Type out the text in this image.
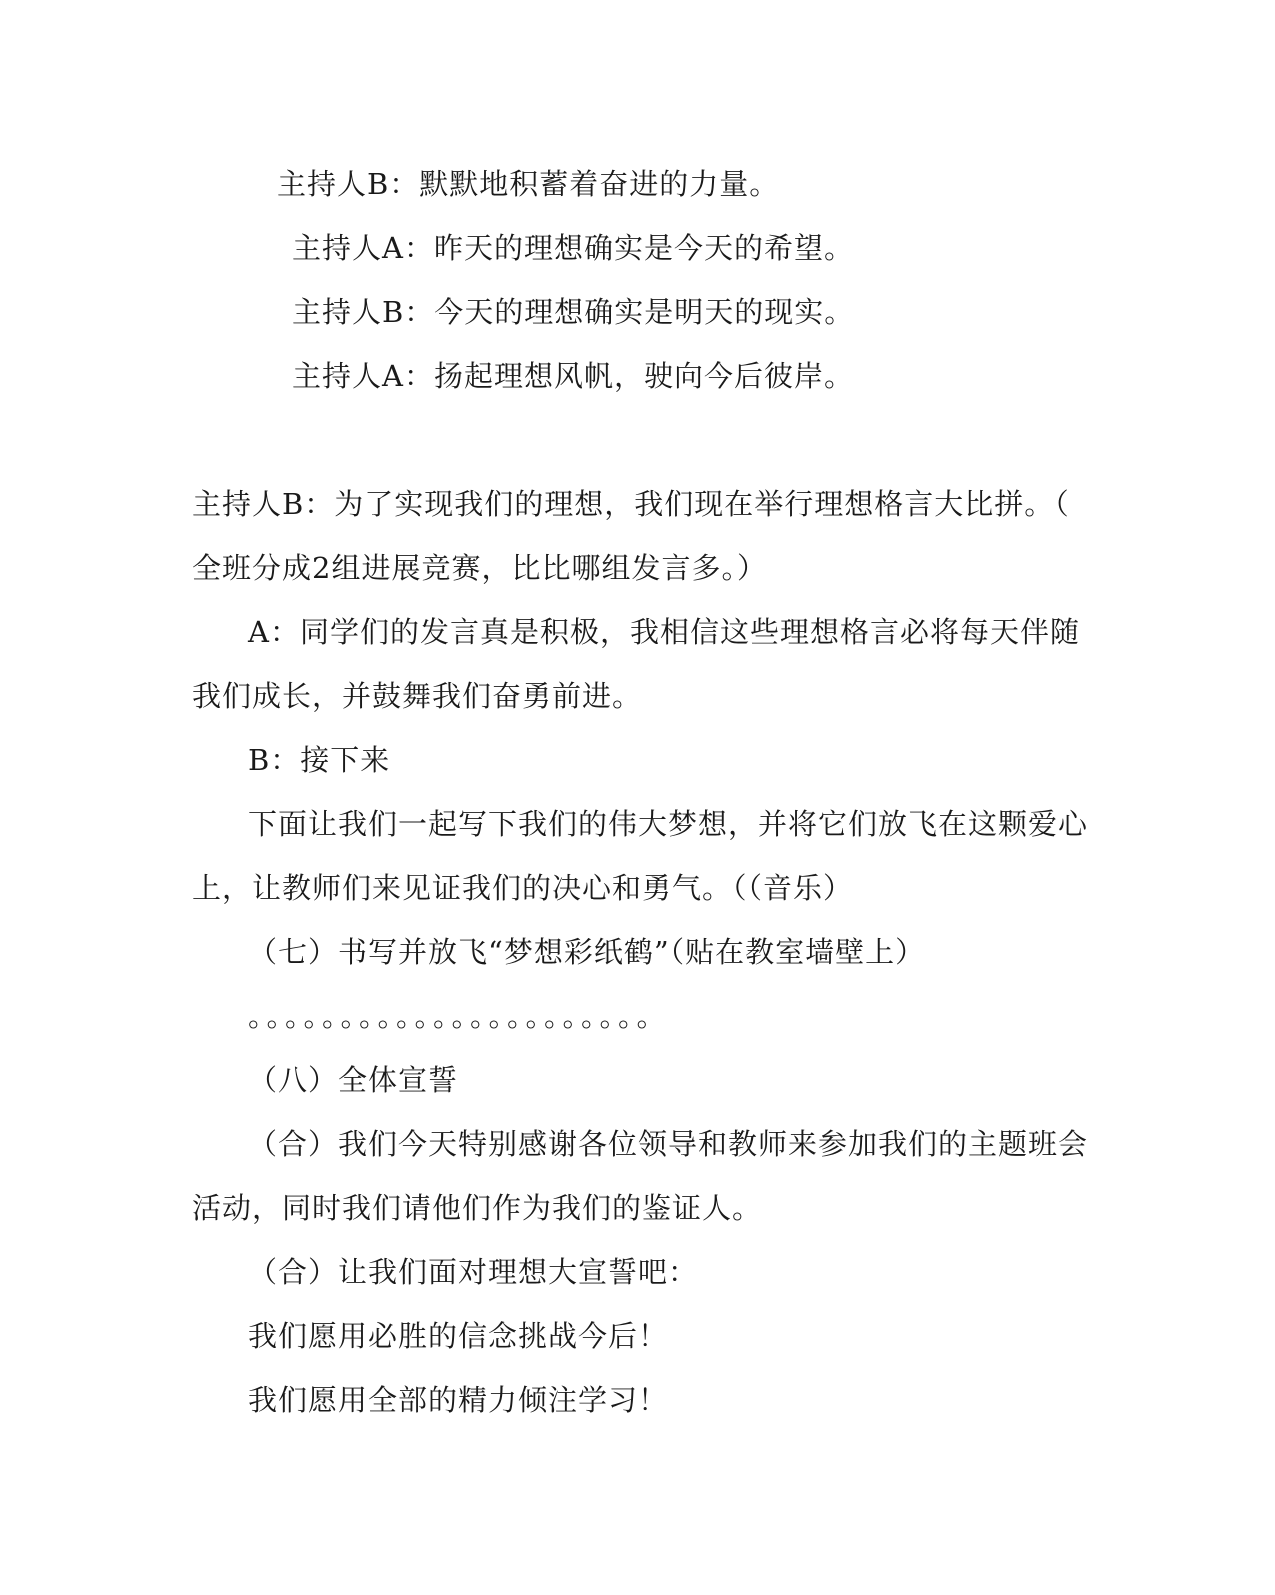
主持人B：默默地积蓄着奋进的力量。
主持人A：昨天的理想确实是今天的希望。
主持人B：今天的理想确实是明天的现实。
主持人A：扬起理想风帆，驶向今后彼岸。
主持人B：为了实现我们的理想，我们现在举行理想格言大比拼。（
全班分成2组进展竞赛，比比哪组发言多。）
A：同学们的发言真是积极，我相信这些理想格言必将每天伴随
我们成长，并鼓舞我们奋勇前进。
B：接下来
下面让我们一起写下我们的伟大梦想，并将它们放飞在这颗爱心
上，让教师们来见证我们的决心和勇气。（（音乐）
（七）书写并放飞“梦想彩纸鹤”（贴在教室墙壁上）
。。。。。。。。。。。。。。。。。。。。。。
（八）全体宣誓
（合）我们今天特别感谢各位领导和教师来参加我们的主题班会
活动，同时我们请他们作为我们的鉴证人。
（合）让我们面对理想大宣誓吧：
我们愿用必胜的信念挑战今后！
我们愿用全部的精力倾注学习！
